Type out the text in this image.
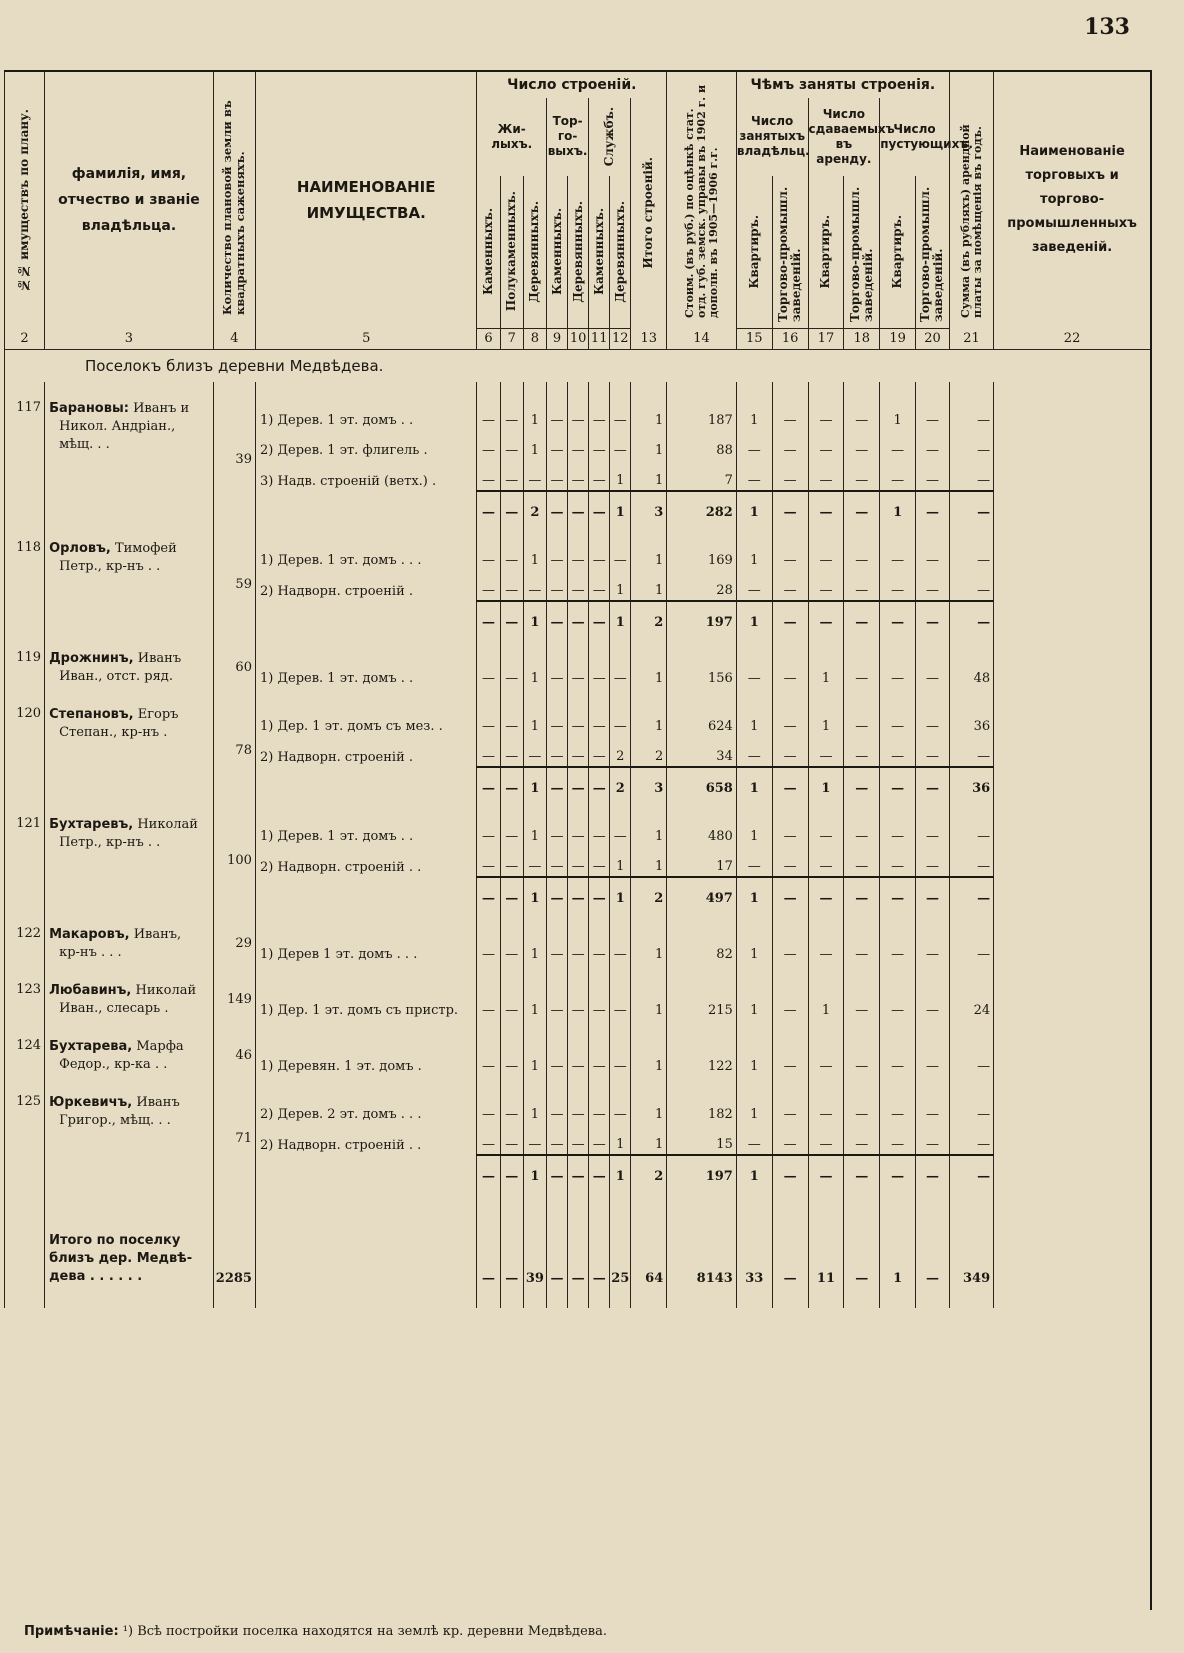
133
№№ имуществъ по плану.	фамилія, имя, отчество и званіе владѣльца.	Количество плановой земли въ квадратныхъ саженяхъ.	НАИМЕНОВАНІЕ ИМУЩЕСТВА.	Число строеній.								Стоим. (въ руб.) по оцѣнкѣ стат. отд. губ. земск. управы въ 1902 г. и дополн. въ 1905—1906 г.г.	Чѣмъ заняты строенія.						Сумма (въ рубляхъ) арендной платы за помѣщенія въ годъ.	Наименованіе торговыхъ и торгово-промышленныхъ заведеній.

				Жи-лыхъ.			Тор-го-выхъ.		Службъ.		Итого строеній.		Число занятыхъ владѣльц.		Число сдаваемыхъ въ аренду.		Число пустующихъ.			

				Каменныхъ.	Полукаменныхъ.	Деревянныхъ.	Каменныхъ.	Деревянныхъ.	Каменныхъ.	Деревянныхъ.			Квартиръ.	Торгово-промышл. заведеній.	Квартиръ.	Торгово-промышл. заведеній.	Квартиръ.	Торгово-промышл. заведеній.		

2	3	4	5	6	7	8	9	10	11	12	13	14	15	16	17	18	19	20	21	22
Поселокъ близъ деревни Медвѣдева.																				

117	Барановы: Иванъ и
Никол. Андріан.,
мѣщ. . .	39	1) Дерев. 1 эт. домъ . .	—	—	1	—	—	—	—	1	187	1	—	—	—	1	—	—	
			2) Дерев. 1 эт. флигель .	—	—	1	—	—	—	—	1	88	—	—	—	—	—	—	—	
			3) Надв. строеній (ветх.) .	—	—	—	—	—	—	1	1	7	—	—	—	—	—	—	—	
				—	—	2	—	—	—	1	3	282	1	—	—	—	1	—	—	

118	Орловъ, Тимофей
Петр., кр-нъ . .	59	1) Дерев. 1 эт. домъ . . .	—	—	1	—	—	—	—	1	169	1	—	—	—	—	—	—	
			2) Надворн. строеній .	—	—	—	—	—	—	1	1	28	—	—	—	—	—	—	—	
				—	—	1	—	—	—	1	2	197	1	—	—	—	—	—	—	

119	Дрожнинъ, Иванъ
Иван., отст. ряд.	60	1) Дерев. 1 эт. домъ . .	—	—	1	—	—	—	—	1	156	—	—	1	—	—	—	48	

120	Степановъ, Егоръ
Степан., кр-нъ .	78	1) Дер. 1 эт. домъ съ мез. .	—	—	1	—	—	—	—	1	624	1	—	1	—	—	—	36	
			2) Надворн. строеній .	—	—	—	—	—	—	2	2	34	—	—	—	—	—	—	—	
				—	—	1	—	—	—	2	3	658	1	—	1	—	—	—	36	

121	Бухтаревъ, Николай
Петр., кр-нъ . .	100	1) Дерев. 1 эт. домъ . .	—	—	1	—	—	—	—	1	480	1	—	—	—	—	—	—	
			2) Надворн. строеній . .	—	—	—	—	—	—	1	1	17	—	—	—	—	—	—	—	
				—	—	1	—	—	—	1	2	497	1	—	—	—	—	—	—	

122	Макаровъ, Иванъ,
кр-нъ . . .	29	1) Дерев 1 эт. домъ . . .	—	—	1	—	—	—	—	1	82	1	—	—	—	—	—	—	

123	Любавинъ, Николай
Иван., слесарь .	149	1) Дер. 1 эт. домъ съ пристр.	—	—	1	—	—	—	—	1	215	1	—	1	—	—	—	24	

124	Бухтарева, Марфа
Федор., кр-ка . .	46	1) Деревян. 1 эт. домъ .	—	—	1	—	—	—	—	1	122	1	—	—	—	—	—	—	

125	Юркевичъ, Иванъ
Григор., мѣщ. . .	71	2) Дерев. 2 эт. домъ . . .	—	—	1	—	—	—	—	1	182	1	—	—	—	—	—	—	
			2) Надворн. строеній . .	—	—	—	—	—	—	1	1	15	—	—	—	—	—	—	—	
				—	—	1	—	—	—	1	2	197	1	—	—	—	—	—	—	

	Итого по поселку
близъ дер. Медвѣ-
дева . . . . . .	2285		—	—	39	—	—	—	25	64	8143	33	—	11	—	1	—	349	

Примѣчаніе: ¹) Всѣ постройки поселка находятся на землѣ кр. деревни Медвѣдева.
